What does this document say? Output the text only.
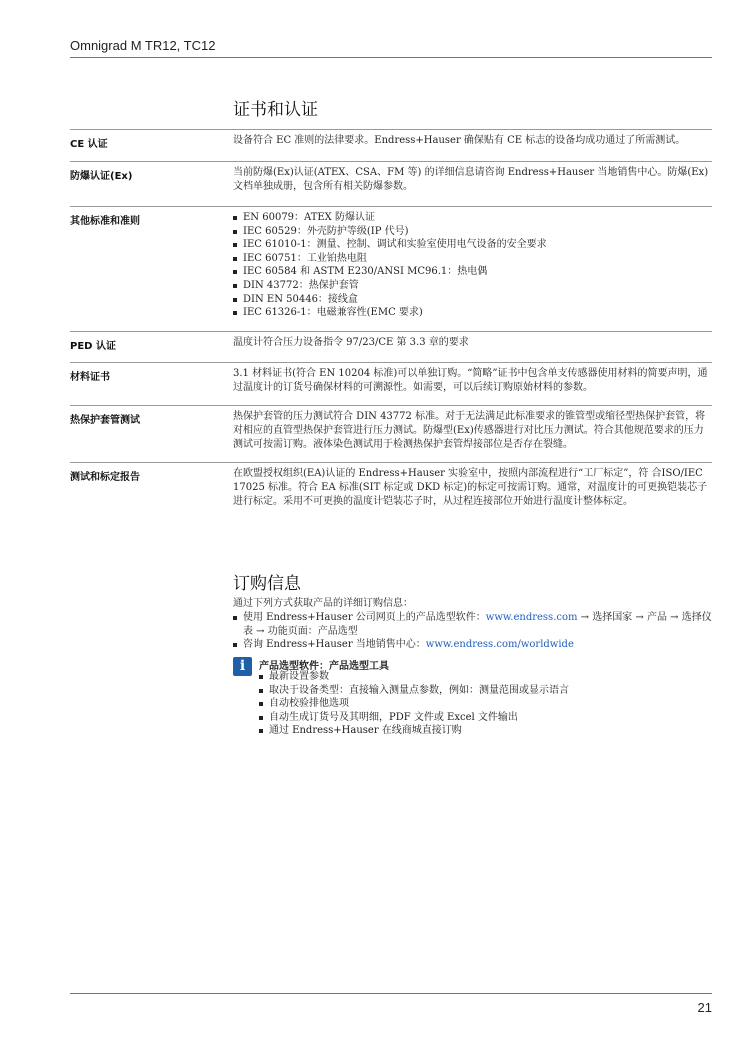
Omnigrad M TR12, TC12
证书和认证
CE 认证	设备符合 EC 准则的法律要求。Endress+Hauser 确保贴有 CE 标志的设备均成功通过了所需测试。
防爆认证(Ex)	当前防爆(Ex)认证(ATEX、CSA、FM 等) 的详细信息请咨询 Endress+Hauser 当地销售中心。防爆(Ex)文档单独成册，包含所有相关防爆参数。
其他标准和准则	EN 60079：ATEX 防爆认证
IEC 60529：外壳防护等级(IP 代号)
IEC 61010-1：测量、控制、调试和实验室使用电气设备的安全要求
IEC 60751：工业铂热电阻
IEC 60584 和 ASTM E230/ANSI MC96.1：热电偶
DIN 43772：热保护套管
DIN EN 50446：接线盒
IEC 61326-1：电磁兼容性(EMC 要求)
PED 认证	温度计符合压力设备指令 97/23/CE 第 3.3 章的要求
材料证书	3.1 材料证书(符合 EN 10204 标准)可以单独订购。“简略”证书中包含单支传感器使用材料的简要声明，通过温度计的订货号确保材料的可溯源性。如需要，可以后续订购原始材料的参数。
热保护套管测试	热保护套管的压力测试符合 DIN 43772 标准。对于无法满足此标准要求的锥管型或缩径型热保护套管，将对相应的直管型热保护套管进行压力测试。防爆型(Ex)传感器进行对比压力测试。符合其他规范要求的压力测试可按需订购。液体染色测试用于检测热保护套管焊接部位是否存在裂缝。
测试和标定报告	在欧盟授权组织(EA)认证的 Endress+Hauser 实验室中，按照内部流程进行“工厂标定”，符 合ISO/IEC 17025 标准。符合 EA 标准(SIT 标定或 DKD 标定)的标定可按需订购。通常，对温度计的可更换铠装芯子进行标定。采用不可更换的温度计铠装芯子时，从过程连接部位开始进行温度计整体标定。
订购信息
通过下列方式获取产品的详细订购信息：
使用 Endress+Hauser 公司网页上的产品选型软件：www.endress.com → 选择国家 → 产品 → 选择仪表 → 功能页面：产品选型
咨询 Endress+Hauser 当地销售中心：www.endress.com/worldwide
i	产品选型软件：产品选型工具
最新设置参数
取决于设备类型：直接输入测量点参数，例如：测量范围或显示语言
自动校验排他选项
自动生成订货号及其明细，PDF 文件或 Excel 文件输出
通过 Endress+Hauser 在线商城直接订购
21
